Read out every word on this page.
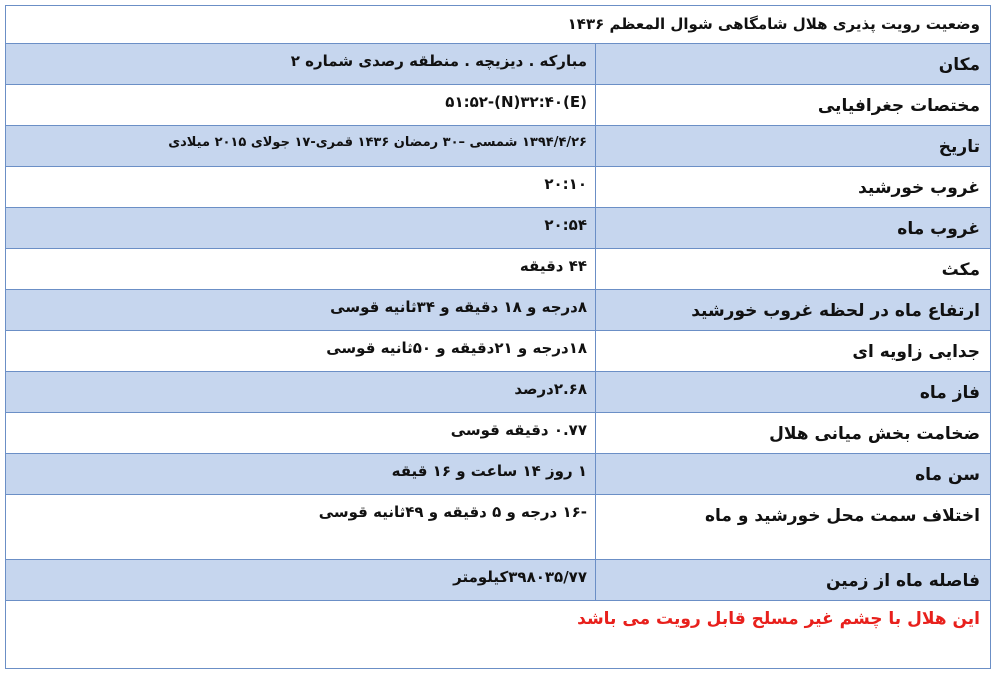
وضعیت رویت پذیری هلال شامگاهی شوال المعظم ۱۴۳۶
مکان
مبارکه . دیزیچه . منطقه رصدی شماره ۲
مختصات جغرافیایی
(E)۵۱:۵۲-(N)۳۲:۴۰
تاریخ
۱۳۹۴/۴/۲۶ شمسی –۳۰ رمضان ۱۴۳۶ قمری-۱۷ جولای ۲۰۱۵ میلادی
غروب خورشید
۲۰:۱۰
غروب ماه
۲۰:۵۴
مکث
۴۴ دقیقه
ارتفاع ماه در لحظه غروب خورشید
۸درجه و ۱۸ دقیقه و ۳۴ثانیه قوسی
جدایی زاویه ای
۱۸درجه و ۲۱دقیقه و ۵۰ثانیه قوسی
فاز ماه
۲.۶۸درصد
ضخامت بخش میانی هلال
۰.۷۷ دقیقه قوسی
سن ماه
۱ روز ۱۴ ساعت و ۱۶ قیقه
اختلاف سمت محل خورشید و ماه
-۱۶ درجه و ۵ دقیقه و ۴۹ثانیه قوسی
فاصله ماه از زمین
۳۹۸۰۳۵/۷۷کیلومتر
این هلال با چشم غیر مسلح قابل رویت می باشد
